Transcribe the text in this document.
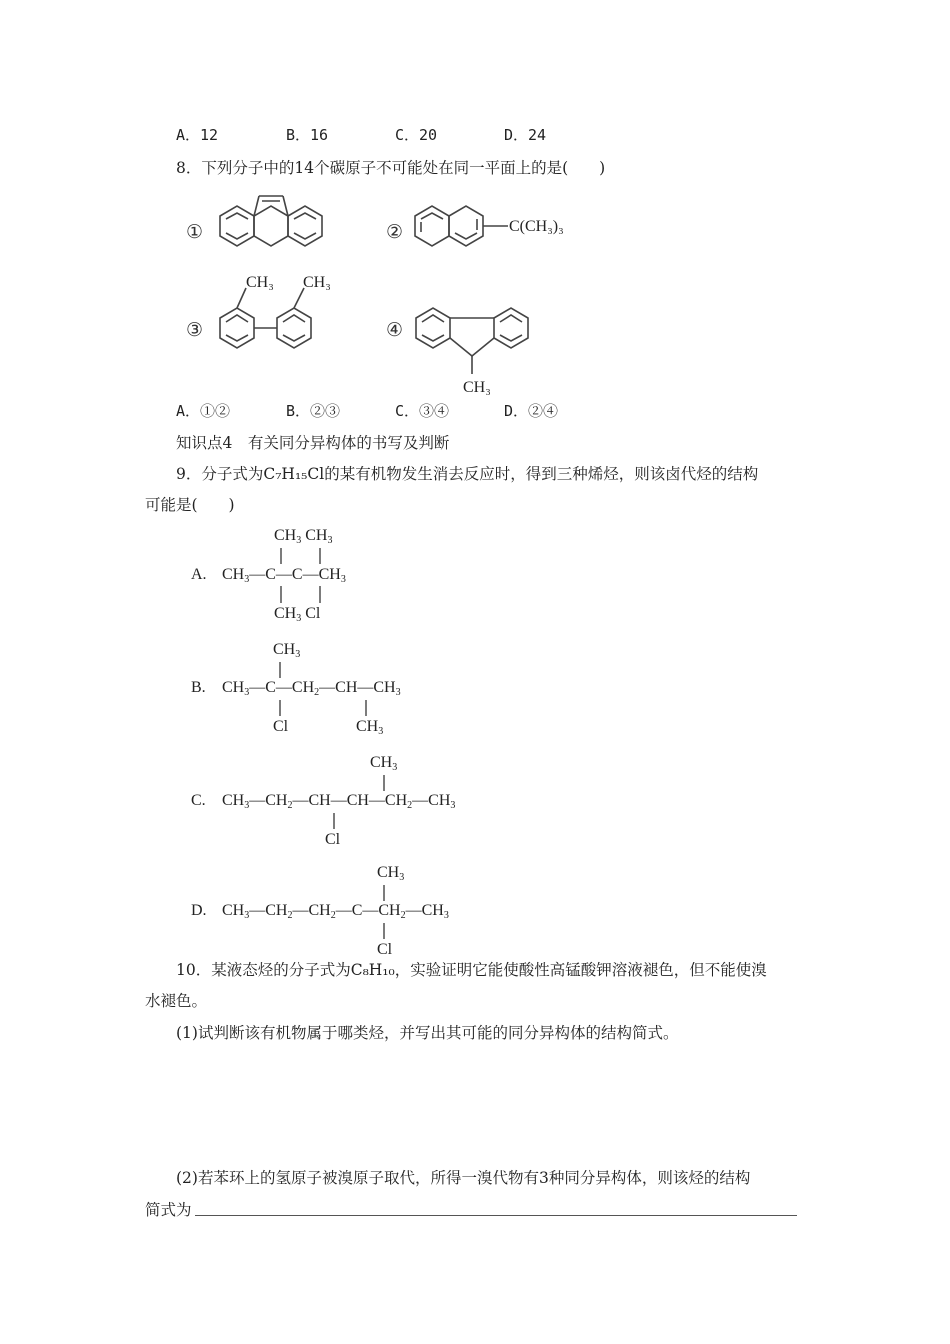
A．12	B．16	C．20	D．24
8．下列分子中的14个碳原子不可能处在同一平面上的是(　　)
①	②
③	④
C(CH₃)₃
CH₃ CH₃
CH₃
A．①②	B．②③	C．③④	D．②④
知识点4　有关同分异构体的书写及判断
9．分子式为C₇H₁₅Cl的某有机物发生消去反应时，得到三种烯烃，则该卤代烃的结构
可能是(　　)
A. $CH_3—C—C—CH_3$
$CH_3$ $CH_3$
$CH_3$ Cl
B. $CH_3—C—CH_2—CH—CH_3$
$CH_3$
Cl	$CH_3$
C. $CH_3—CH_2—CH—CH—CH_2—CH_3$
$CH_3$
Cl
D. $CH_3—CH_2—CH_2—C—CH_2—CH_3$
$CH_3$
Cl
10．某液态烃的分子式为C₈H₁₀，实验证明它能使酸性高锰酸钾溶液褪色，但不能使溴
水褪色。
(1)试判断该有机物属于哪类烃，并写出其可能的同分异构体的结构简式。
(2)若苯环上的氢原子被溴原子取代，所得一溴代物有3种同分异构体，则该烃的结构
简式为
